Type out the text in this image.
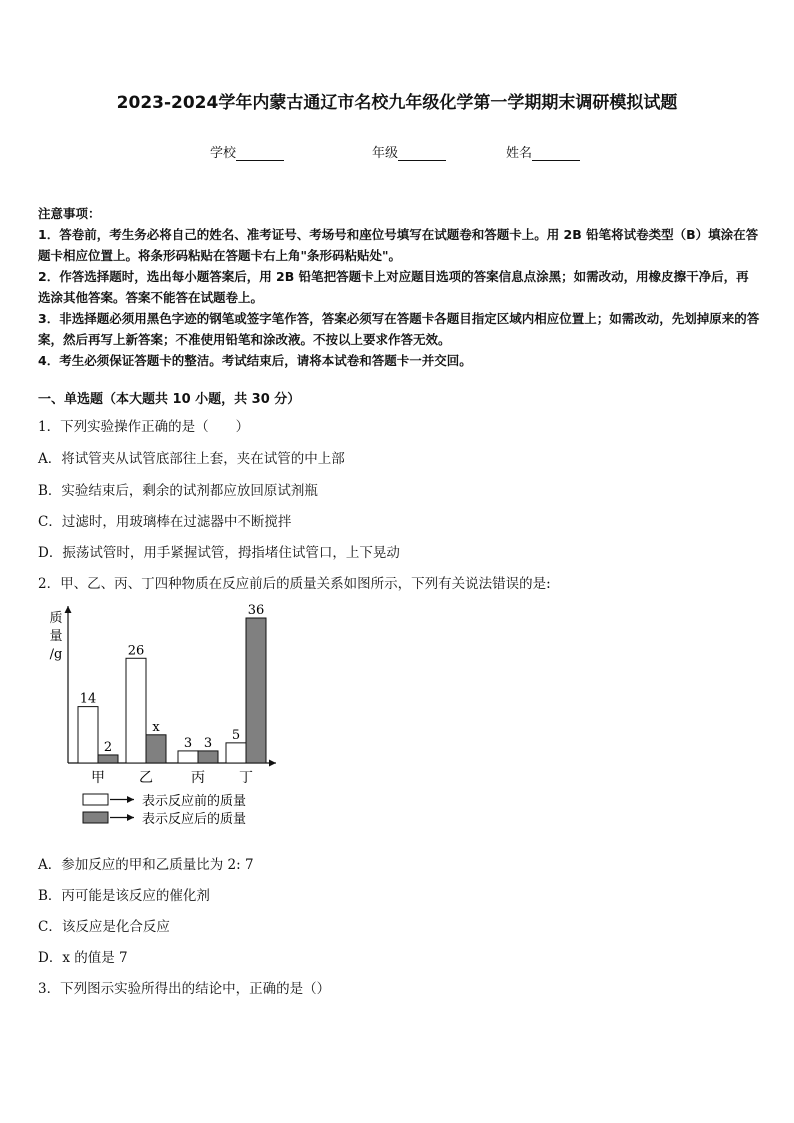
2023-2024学年内蒙古通辽市名校九年级化学第一学期期末调研模拟试题
学校	年级	姓名

注意事项：

1．答卷前，考生务必将自己的姓名、准考证号、考场号和座位号填写在试题卷和答题卡上。用 2B 铅笔将试卷类型（B）填涂在答题卡相应位置上。将条形码粘贴在答题卡右上角"条形码粘贴处"。

2．作答选择题时，选出每小题答案后，用 2B 铅笔把答题卡上对应题目选项的答案信息点涂黑；如需改动，用橡皮擦干净后，再选涂其他答案。答案不能答在试题卷上。

3．非选择题必须用黑色字迹的钢笔或签字笔作答，答案必须写在答题卡各题目指定区域内相应位置上；如需改动，先划掉原来的答案，然后再写上新答案；不准使用铅笔和涂改液。不按以上要求作答无效。

4．考生必须保证答题卡的整洁。考试结束后，请将本试卷和答题卡一并交回。

一、单选题（本大题共 10 小题，共 30 分）
1．下列实验操作正确的是（　　）
A．将试管夹从试管底部往上套，夹在试管的中上部
B．实验结束后，剩余的试剂都应放回原试剂瓶
C．过滤时，用玻璃棒在过滤器中不断搅拌
D．振荡试管时，用手紧握试管，拇指堵住试管口，上下晃动
2．甲、乙、丙、丁四种物质在反应前后的质量关系如图所示，下列有关说法错误的是:
质
量
/g
14
2
甲
26
x
乙
3 3
丙
5
36
丁
表示反应前的质量
表示反应后的质量
A．参加反应的甲和乙质量比为 2: 7
B．丙可能是该反应的催化剂
C．该反应是化合反应
D．x 的值是 7
3．下列图示实验所得出的结论中，正确的是（）
